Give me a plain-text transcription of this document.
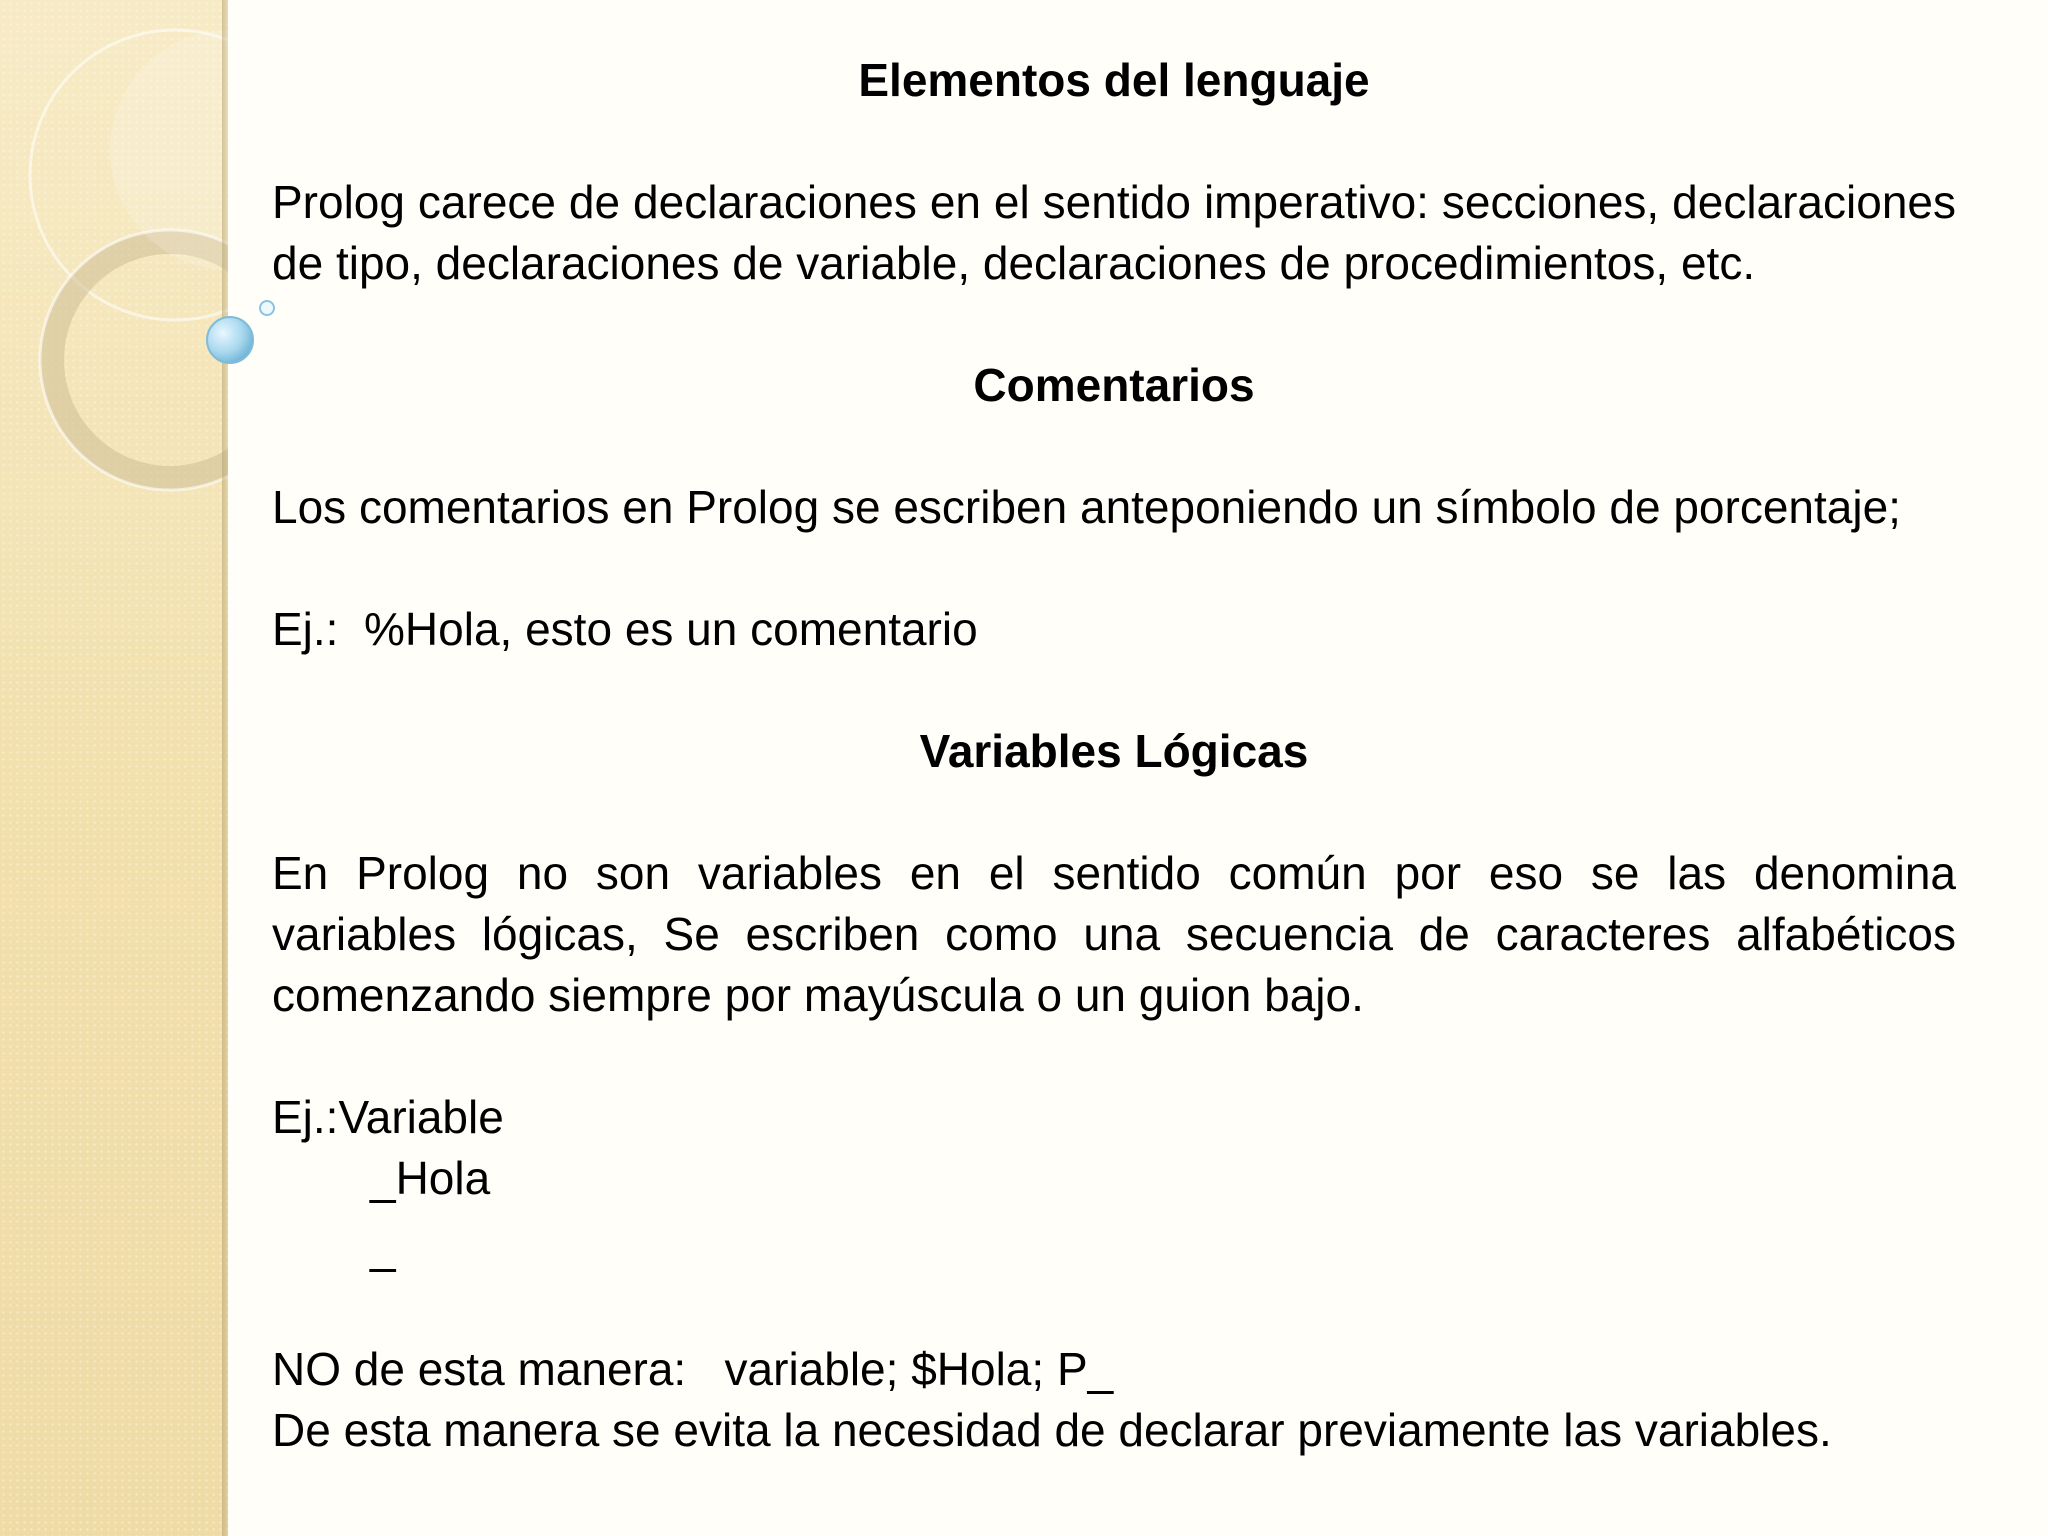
Elementos del lenguaje

Prolog carece de declaraciones en el sentido imperativo: secciones, declaraciones de tipo, declaraciones de variable, declaraciones de procedimientos, etc.

Comentarios

Los comentarios en Prolog se escriben anteponiendo un símbolo de porcentaje;

Ej.:  %Hola, esto es un comentario

Variables Lógicas

En Prolog no son variables en el sentido común por eso se las denomina variables lógicas, Se escriben como una secuencia de caracteres alfabéticos comenzando siempre por mayúscula o un guion bajo.

Ej.:Variable

_Hola

_

NO de esta manera:   variable; $Hola; P_

De esta manera se evita la necesidad de declarar previamente las variables.
